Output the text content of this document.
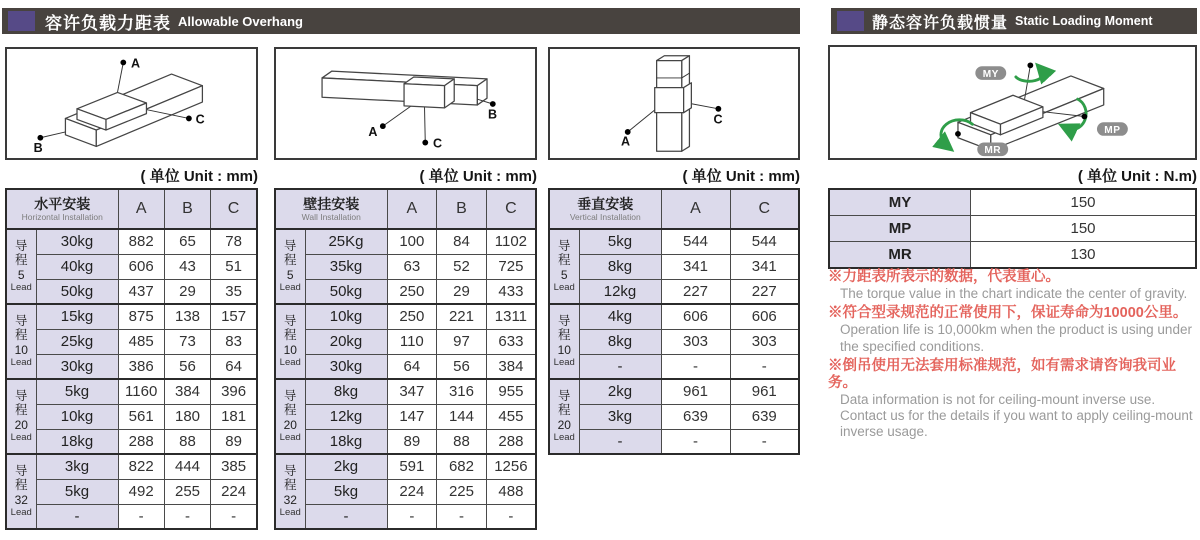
容许负载力距表 Allowable Overhang	静态容许负载惯量 Static Loading Moment
A
B
C
A
B
C	A
C
MY
MP
MR
( 单位 Unit : mm)	( 单位 Unit : mm)	( 单位 Unit : mm)	( 单位 Unit : N.m)
水平安装
Horizontal Installation		A	B	C

导程
5
Lead	30kg	882	65	78
	40kg	606	43	51
	50kg	437	29	35

导程
10
Lead	15kg	875	138	157
	25kg	485	73	83
	30kg	386	56	64

导程
20
Lead	5kg	1160	384	396
	10kg	561	180	181
	18kg	288	88	89

导程
32
Lead	3kg	822	444	385
	5kg	492	255	224
	-	-	-	-
壁挂安装
Wall Installation		A	B	C

导程
5
Lead	25Kg	100	84	1102
	35kg	63	52	725
	50kg	250	29	433

导程
10
Lead	10kg	250	221	1311
	20kg	110	97	633
	30kg	64	56	384

导程
20
Lead	8kg	347	316	955
	12kg	147	144	455
	18kg	89	88	288

导程
32
Lead	2kg	591	682	1256
	5kg	224	225	488
	-	-	-	-
垂直安装
Vertical Installation		A	C

导程
5
Lead	5kg	544	544
	8kg	341	341
	12kg	227	227

导程
10
Lead	4kg	606	606
	8kg	303	303
	-	-	-

导程
20
Lead	2kg	961	961
	3kg	639	639
	-	-	-
MY	150
MP	150
MR	130
※力距表所表示的数据，代表重心。
The torque value in the chart indicate the center of gravity.
※符合型录规范的正常使用下，保证寿命为10000公里。
Operation life is 10,000km when the product is using under the specified conditions.
※倒吊使用无法套用标准规范，如有需求请咨询我司业务。
Data information is not for ceiling-mount inverse use. Contact us for the details if you want to apply ceiling-mount inverse usage.
